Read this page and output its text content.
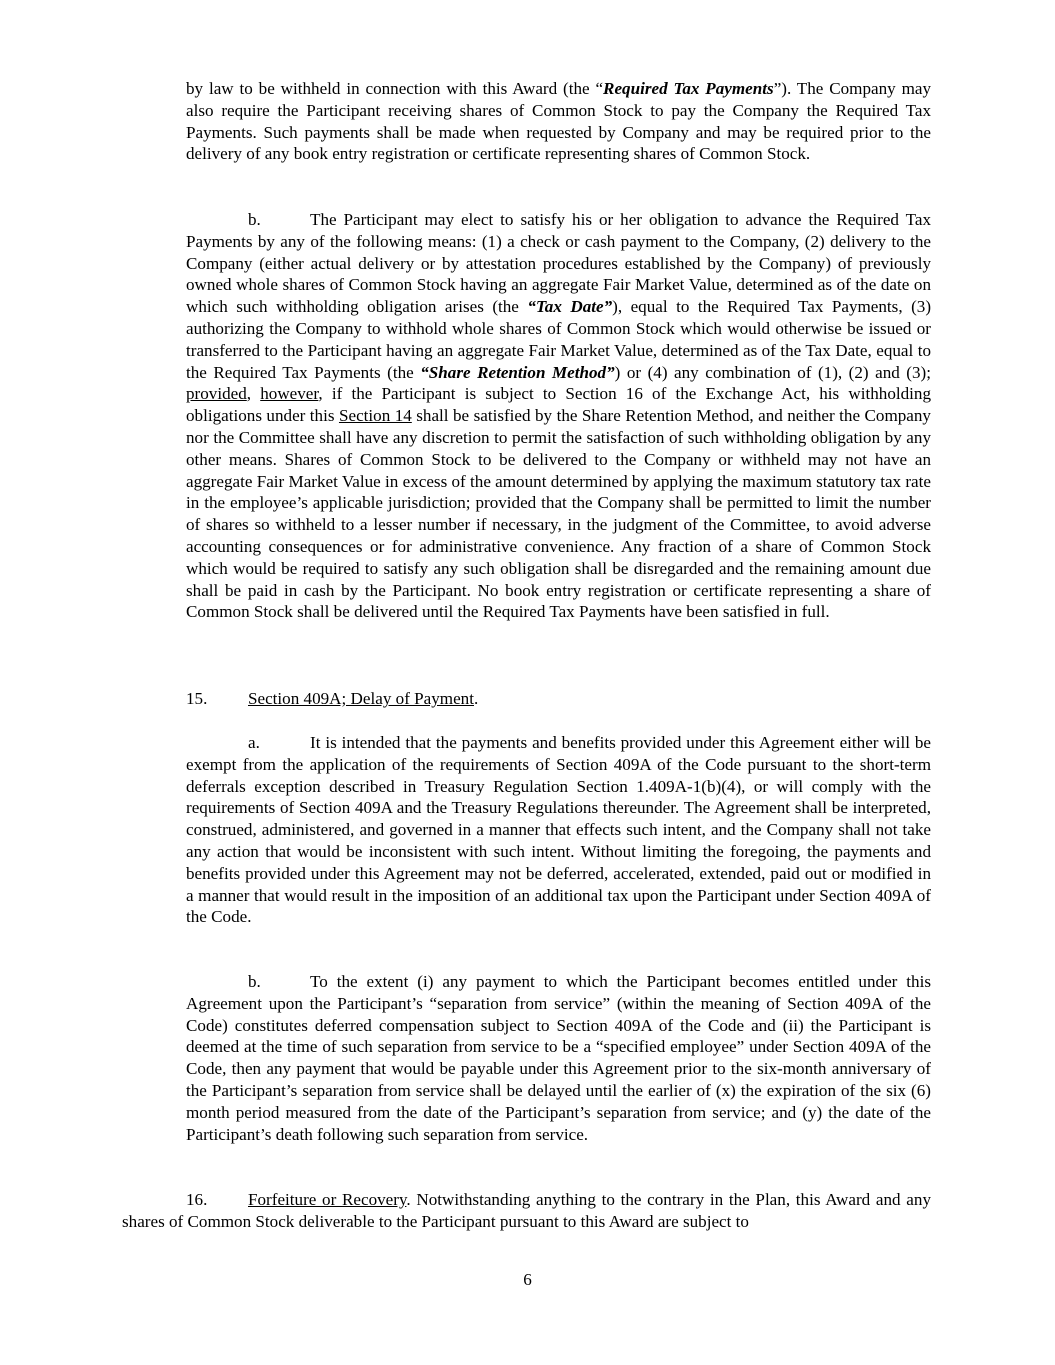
by law to be withheld in connection with this Award (the “Required Tax Payments”). The Company may also require the Participant receiving shares of Common Stock to pay the Company the Required Tax Payments. Such payments shall be made when requested by Company and may be required prior to the delivery of any book entry registration or certificate representing shares of Common Stock.

b.	The Participant may elect to satisfy his or her obligation to advance the Required Tax Payments by any of the following means: (1) a check or cash payment to the Company, (2) delivery to the Company (either actual delivery or by attestation procedures established by the Company) of previously owned whole shares of Common Stock having an aggregate Fair Market Value, determined as of the date on which such withholding obligation arises (the “Tax Date”), equal to the Required Tax Payments, (3) authorizing the Company to withhold whole shares of Common Stock which would otherwise be issued or transferred to the Participant having an aggregate Fair Market Value, determined as of the Tax Date, equal to the Required Tax Payments (the “Share Retention Method”) or (4) any combination of (1), (2) and (3); provided, however, if the Participant is subject to Section 16 of the Exchange Act, his withholding obligations under this Section 14 shall be satisfied by the Share Retention Method, and neither the Company nor the Committee shall have any discretion to permit the satisfaction of such withholding obligation by any other means. Shares of Common Stock to be delivered to the Company or withheld may not have an aggregate Fair Market Value in excess of the amount determined by applying the maximum statutory tax rate in the employee’s applicable jurisdiction; provided that the Company shall be permitted to limit the number of shares so withheld to a lesser number if necessary, in the judgment of the Committee, to avoid adverse accounting consequences or for administrative convenience. Any fraction of a share of Common Stock which would be required to satisfy any such obligation shall be disregarded and the remaining amount due shall be paid in cash by the Participant. No book entry registration or certificate representing a share of Common Stock shall be delivered until the Required Tax Payments have been satisfied in full.

15. Section 409A; Delay of Payment.

a.	It is intended that the payments and benefits provided under this Agreement either will be exempt from the application of the requirements of Section 409A of the Code pursuant to the short-term deferrals exception described in Treasury Regulation Section 1.409A-1(b)(4), or will comply with the requirements of Section 409A and the Treasury Regulations thereunder. The Agreement shall be interpreted, construed, administered, and governed in a manner that effects such intent, and the Company shall not take any action that would be inconsistent with such intent. Without limiting the foregoing, the payments and benefits provided under this Agreement may not be deferred, accelerated, extended, paid out or modified in a manner that would result in the imposition of an additional tax upon the Participant under Section 409A of the Code.

b.	To the extent (i) any payment to which the Participant becomes entitled under this Agreement upon the Participant’s “separation from service” (within the meaning of Section 409A of the Code) constitutes deferred compensation subject to Section 409A of the Code and (ii) the Participant is deemed at the time of such separation from service to be a “specified employee” under Section 409A of the Code, then any payment that would be payable under this Agreement prior to the six-month anniversary of the Participant’s separation from service shall be delayed until the earlier of (x) the expiration of the six (6) month period measured from the date of the Participant’s separation from service; and (y) the date of the Participant’s death following such separation from service.

16. Forfeiture or Recovery. Notwithstanding anything to the contrary in the Plan, this Award and any shares of Common Stock deliverable to the Participant pursuant to this Award are subject to

6
